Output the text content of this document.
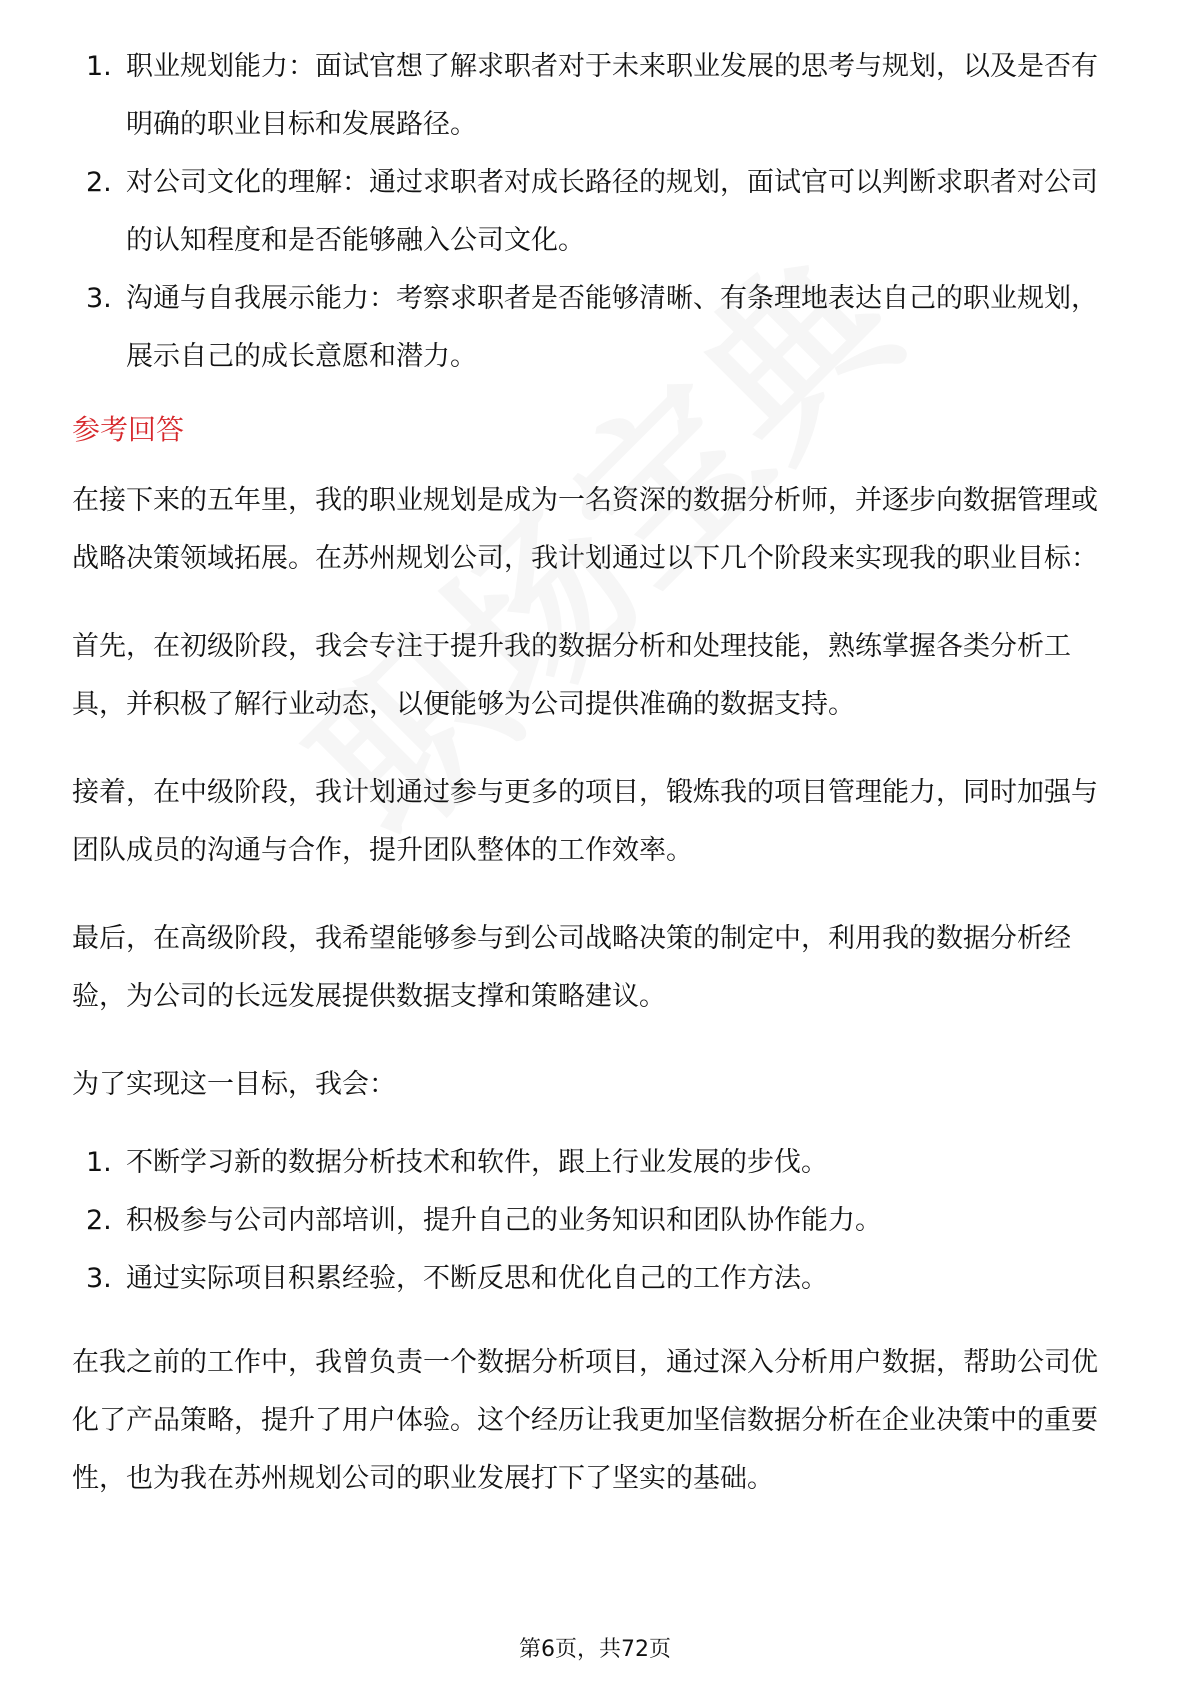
1. 职业规划能力：面试官想了解求职者对于未来职业发展的思考与规划，以及是否有明确的职业目标和发展路径。
2. 对公司文化的理解：通过求职者对成长路径的规划，面试官可以判断求职者对公司的认知程度和是否能够融入公司文化。
3. 沟通与自我展示能力：考察求职者是否能够清晰、有条理地表达自己的职业规划，展示自己的成长意愿和潜力。
参考回答

在接下来的五年里，我的职业规划是成为一名资深的数据分析师，并逐步向数据管理或战略决策领域拓展。在苏州规划公司，我计划通过以下几个阶段来实现我的职业目标：

首先，在初级阶段，我会专注于提升我的数据分析和处理技能，熟练掌握各类分析工具，并积极了解行业动态，以便能够为公司提供准确的数据支持。

接着，在中级阶段，我计划通过参与更多的项目，锻炼我的项目管理能力，同时加强与团队成员的沟通与合作，提升团队整体的工作效率。

最后，在高级阶段，我希望能够参与到公司战略决策的制定中，利用我的数据分析经验，为公司的长远发展提供数据支撑和策略建议。

为了实现这一目标，我会：

1. 不断学习新的数据分析技术和软件，跟上行业发展的步伐。
2. 积极参与公司内部培训，提升自己的业务知识和团队协作能力。
3. 通过实际项目积累经验，不断反思和优化自己的工作方法。

在我之前的工作中，我曾负责一个数据分析项目，通过深入分析用户数据，帮助公司优化了产品策略，提升了用户体验。这个经历让我更加坚信数据分析在企业决策中的重要性，也为我在苏州规划公司的职业发展打下了坚实的基础。

第6页，共72页
